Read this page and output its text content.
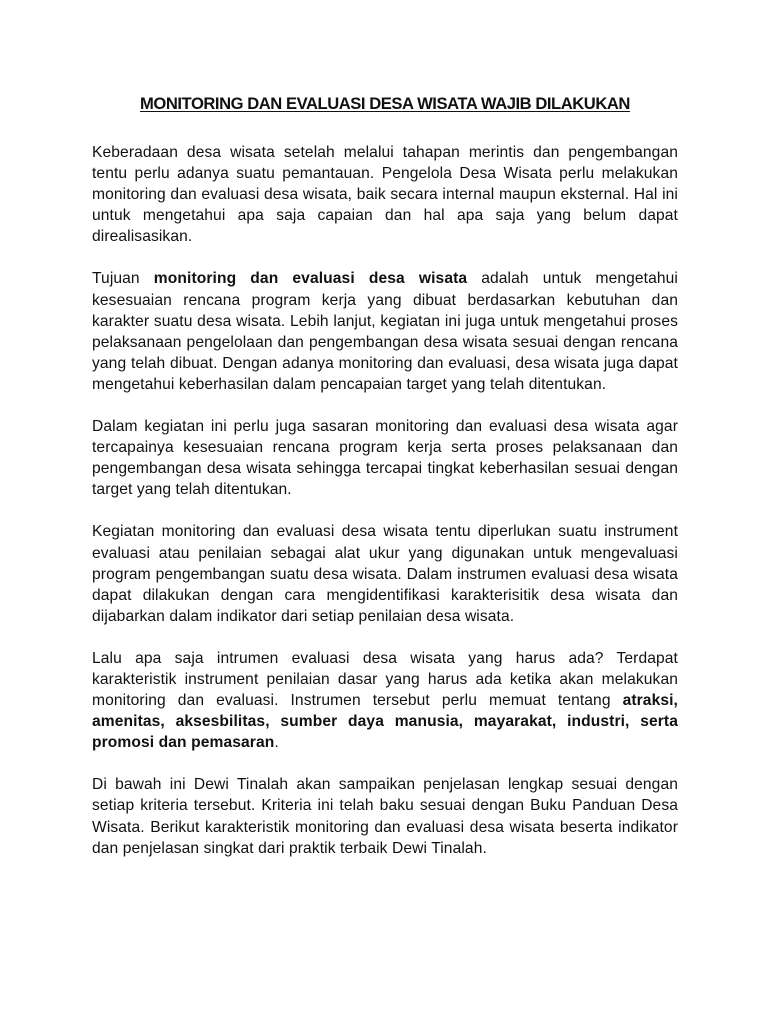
MONITORING DAN EVALUASI DESA WISATA WAJIB DILAKUKAN

Keberadaan desa wisata setelah melalui tahapan merintis dan pengembangan tentu perlu adanya suatu pemantauan. Pengelola Desa Wisata perlu melakukan monitoring dan evaluasi desa wisata, baik secara internal maupun eksternal. Hal ini untuk mengetahui apa saja capaian dan hal apa saja yang belum dapat direalisasikan.

Tujuan monitoring dan evaluasi desa wisata adalah untuk mengetahui kesesuaian rencana program kerja yang dibuat berdasarkan kebutuhan dan karakter suatu desa wisata. Lebih lanjut, kegiatan ini juga untuk mengetahui proses pelaksanaan pengelolaan dan pengembangan desa wisata sesuai dengan rencana yang telah dibuat. Dengan adanya monitoring dan evaluasi, desa wisata juga dapat mengetahui keberhasilan dalam pencapaian target yang telah ditentukan.

Dalam kegiatan ini perlu juga sasaran monitoring dan evaluasi desa wisata agar tercapainya kesesuaian rencana program kerja serta proses pelaksanaan dan pengembangan desa wisata sehingga tercapai tingkat keberhasilan sesuai dengan target yang telah ditentukan.

Kegiatan monitoring dan evaluasi desa wisata tentu diperlukan suatu instrument evaluasi atau penilaian sebagai alat ukur yang digunakan untuk mengevaluasi program pengembangan suatu desa wisata. Dalam instrumen evaluasi desa wisata dapat dilakukan dengan cara mengidentifikasi karakterisitik desa wisata dan dijabarkan dalam indikator dari setiap penilaian desa wisata.

Lalu apa saja intrumen evaluasi desa wisata yang harus ada? Terdapat karakteristik instrument penilaian dasar yang harus ada ketika akan melakukan monitoring dan evaluasi. Instrumen tersebut perlu memuat tentang atraksi, amenitas, aksesbilitas, sumber daya manusia, mayarakat, industri, serta promosi dan pemasaran.

Di bawah ini Dewi Tinalah akan sampaikan penjelasan lengkap sesuai dengan setiap kriteria tersebut. Kriteria ini telah baku sesuai dengan Buku Panduan Desa Wisata. Berikut karakteristik monitoring dan evaluasi desa wisata beserta indikator dan penjelasan singkat dari praktik terbaik Dewi Tinalah.
